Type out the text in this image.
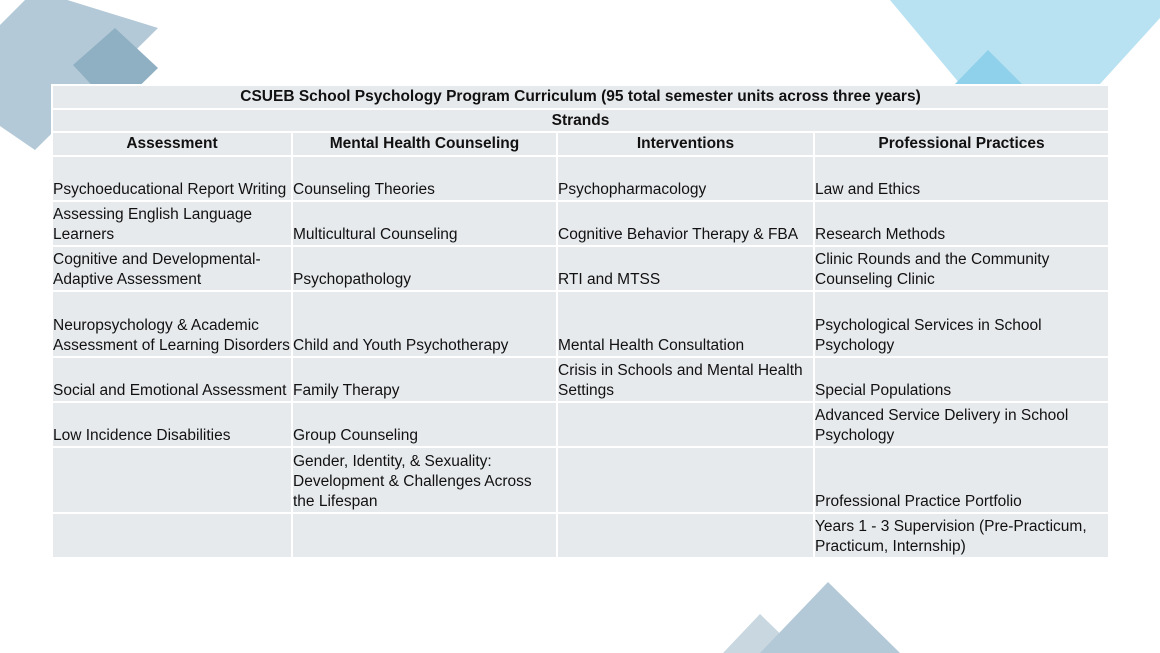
CSUEB School Psychology Program Curriculum (95 total semester units across three years)			
Strands			
Assessment	Mental Health Counseling	Interventions	Professional Practices
Psychoeducational Report Writing	Counseling Theories	Psychopharmacology	Law and Ethics
Assessing English Language Learners	Multicultural Counseling	Cognitive Behavior Therapy & FBA	Research Methods
Cognitive and Developmental-Adaptive Assessment	Psychopathology	RTI and MTSS	Clinic Rounds and the Community Counseling Clinic
Neuropsychology & Academic Assessment of Learning Disorders	Child and Youth Psychotherapy	Mental Health Consultation	Psychological Services in School Psychology
Social and Emotional Assessment	Family Therapy	Crisis in Schools and Mental Health Settings	Special Populations
Low Incidence Disabilities	Group Counseling		Advanced Service Delivery in School Psychology
	Gender, Identity, & Sexuality: Development & Challenges Across the Lifespan		Professional Practice Portfolio
			Years 1 - 3 Supervision (Pre-Practicum, Practicum, Internship)
